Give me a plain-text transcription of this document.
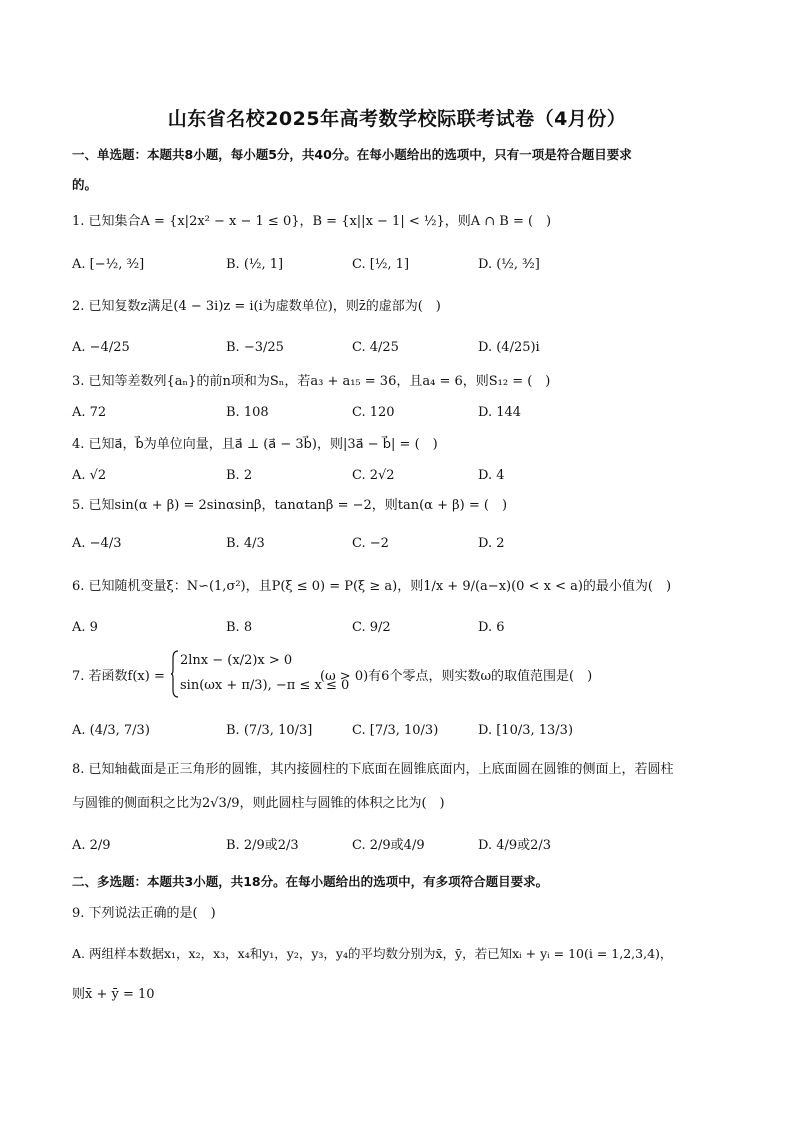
山东省名校2025年高考数学校际联考试卷（4月份）
一、单选题：本题共8小题，每小题5分，共40分。在每小题给出的选项中，只有一项是符合题目要求
的。
1. 已知集合A = {x|2x² − x − 1 ≤ 0}，B = {x||x − 1| < ½}，则A ∩ B = (　)
A. [−½, ³⁄₂]	B. (½, 1]	C. [½, 1]	D. (½, ³⁄₂]
2. 已知复数z满足(4 − 3i)z = i(i为虚数单位)，则z̄的虚部为(　)
A. −4/25	B. −3/25	C. 4/25	D. (4/25)i
3. 已知等差数列{aₙ}的前n项和为Sₙ，若a₃ + a₁₅ = 36，且a₄ = 6，则S₁₂ = (　)
A. 72	B. 108	C. 120	D. 144
4. 已知a⃗，b⃗为单位向量，且a⃗ ⊥ (a⃗ − 3b⃗)，则|3a⃗ − b⃗| = (　)
A. √2	B. 2	C. 2√2	D. 4
5. 已知sin(α + β) = 2sinαsinβ，tanαtanβ = −2，则tan(α + β) = (　)
A. −4/3	B. 4/3	C. −2	D. 2
6. 已知随机变量ξ：N∽(1,σ²)，且P(ξ ≤ 0) = P(ξ ≥ a)，则1/x + 9/(a−x)(0 < x < a)的最小值为(　)
A. 9	B. 8	C. 9/2	D. 6
7. 若函数f(x) =
2lnx − (x/2)x > 0
sin(ωx + π/3), −π ≤ x ≤ 0
(ω > 0)有6个零点，则实数ω的取值范围是(　)
A. (4/3, 7/3)	B. (7/3, 10/3]	C. [7/3, 10/3)	D. [10/3, 13/3)
8. 已知轴截面是正三角形的圆锥，其内接圆柱的下底面在圆锥底面内，上底面圆在圆锥的侧面上，若圆柱
与圆锥的侧面积之比为2√3/9，则此圆柱与圆锥的体积之比为(　)
A. 2/9	B. 2/9或2/3	C. 2/9或4/9	D. 4/9或2/3
二、多选题：本题共3小题，共18分。在每小题给出的选项中，有多项符合题目要求。
9. 下列说法正确的是(　)
A. 两组样本数据x₁，x₂，x₃，x₄和y₁，y₂，y₃，y₄的平均数分别为x̄，ȳ，若已知xᵢ + yᵢ = 10(i = 1,2,3,4)，
则x̄ + ȳ = 10
